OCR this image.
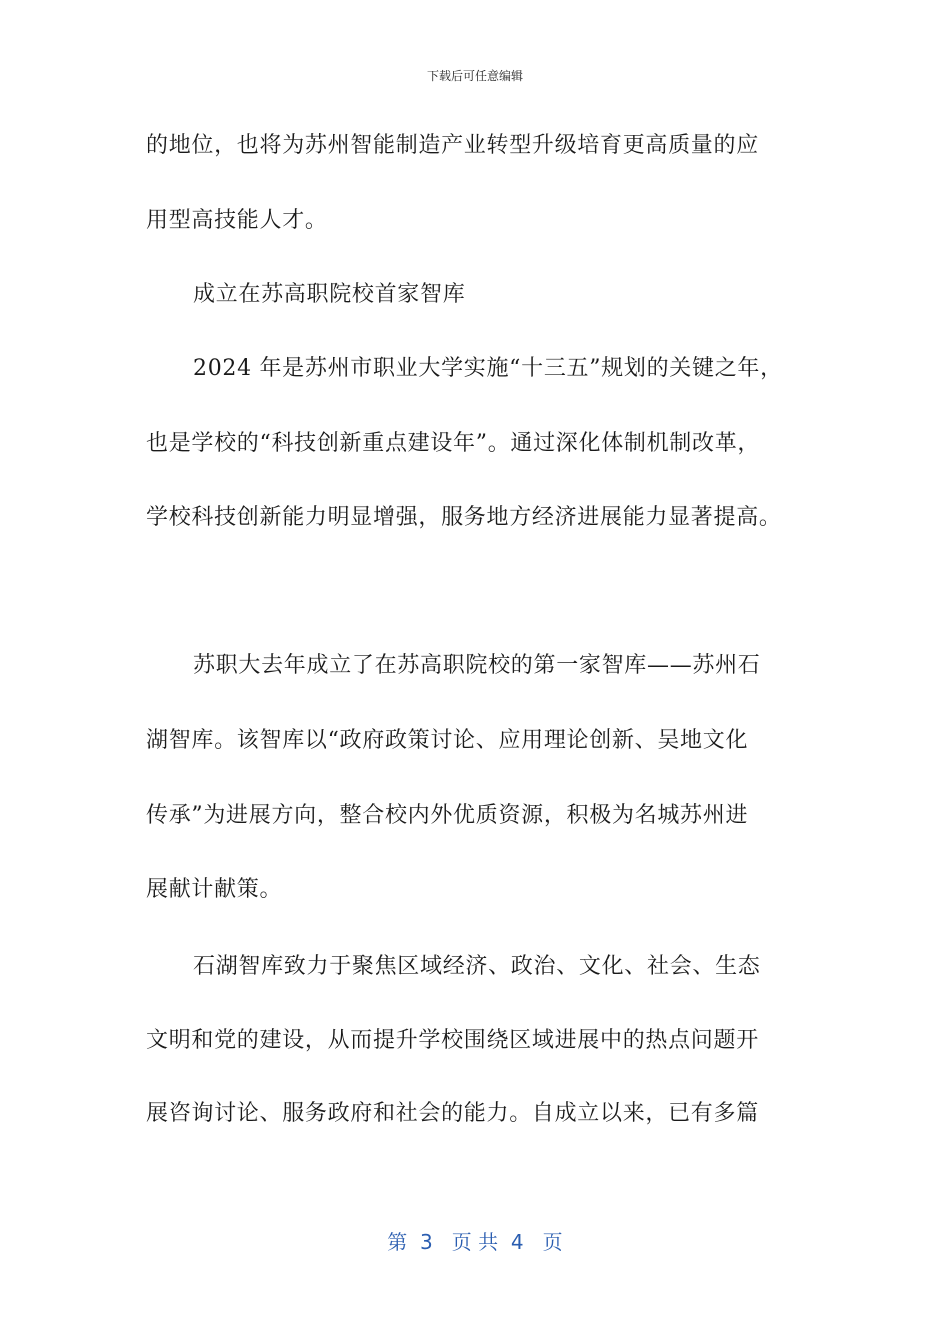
下载后可任意编辑
的地位，也将为苏州智能制造产业转型升级培育更高质量的应
用型高技能人才。
成立在苏高职院校首家智库
2024 年是苏州市职业大学实施“十三五”规划的关键之年，
也是学校的“科技创新重点建设年”。通过深化体制机制改革，
学校科技创新能力明显增强，服务地方经济进展能力显著提高。
苏职大去年成立了在苏高职院校的第一家智库——苏州石
湖智库。该智库以“政府政策讨论、应用理论创新、吴地文化
传承”为进展方向，整合校内外优质资源，积极为名城苏州进
展献计献策。
石湖智库致力于聚焦区域经济、政治、文化、社会、生态
文明和党的建设，从而提升学校围绕区域进展中的热点问题开
展咨询讨论、服务政府和社会的能力。自成立以来，已有多篇
第  3   页 共  4   页
